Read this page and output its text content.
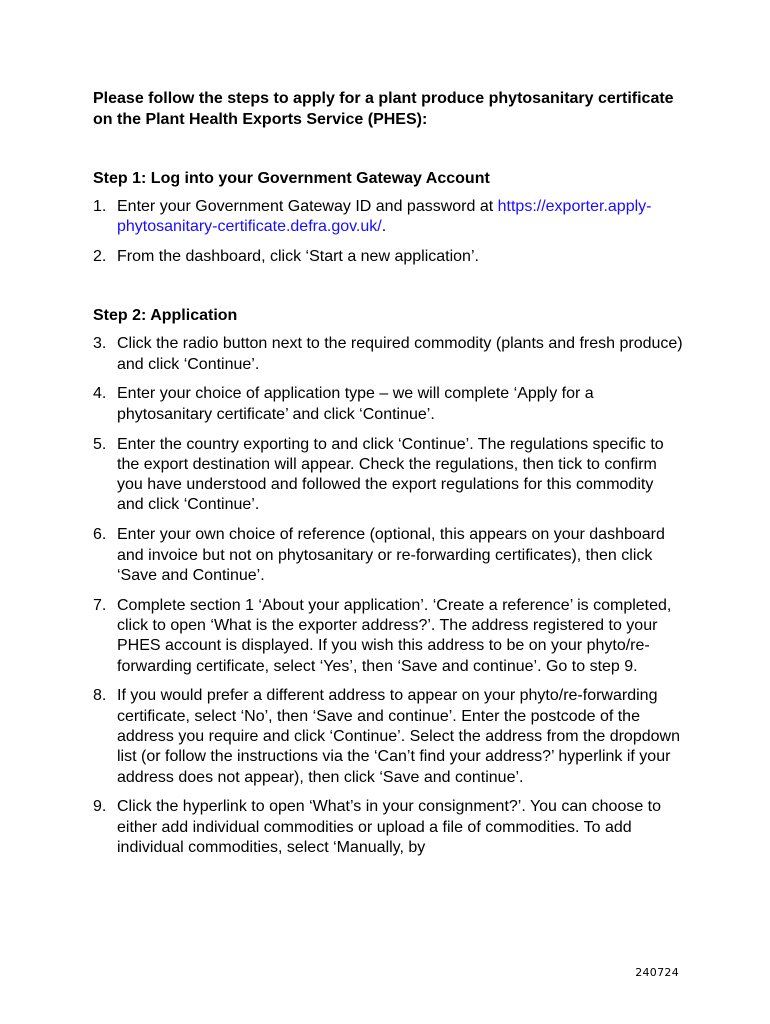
Please follow the steps to apply for a plant produce phytosanitary certificate on the Plant Health Exports Service (PHES):

Step 1: Log into your Government Gateway Account
1. Enter your Government Gateway ID and password at https://exporter.apply-phytosanitary-certificate.defra.gov.uk/.
2. From the dashboard, click ‘Start a new application’.
Step 2: Application
3. Click the radio button next to the required commodity (plants and fresh produce) and click ‘Continue’.
4. Enter your choice of application type – we will complete ‘Apply for a phytosanitary certificate’ and click ‘Continue’.
5. Enter the country exporting to and click ‘Continue’. The regulations specific to the export destination will appear. Check the regulations, then tick to confirm you have understood and followed the export regulations for this commodity and click ‘Continue’.
6. Enter your own choice of reference (optional, this appears on your dashboard and invoice but not on phytosanitary or re-forwarding certificates), then click ‘Save and Continue’.
7. Complete section 1 ‘About your application’. ‘Create a reference’ is completed, click to open ‘What is the exporter address?’. The address registered to your PHES account is displayed. If you wish this address to be on your phyto/re-forwarding certificate, select ‘Yes’, then ‘Save and continue’. Go to step 9.
8. If you would prefer a different address to appear on your phyto/re-forwarding certificate, select ‘No’, then ‘Save and continue’. Enter the postcode of the address you require and click ‘Continue’. Select the address from the dropdown list (or follow the instructions via the ‘Can’t find your address?’ hyperlink if your address does not appear), then click ‘Save and continue’.
9. Click the hyperlink to open ‘What’s in your consignment?’. You can choose to either add individual commodities or upload a file of commodities. To add individual commodities, select ‘Manually, by
240724
